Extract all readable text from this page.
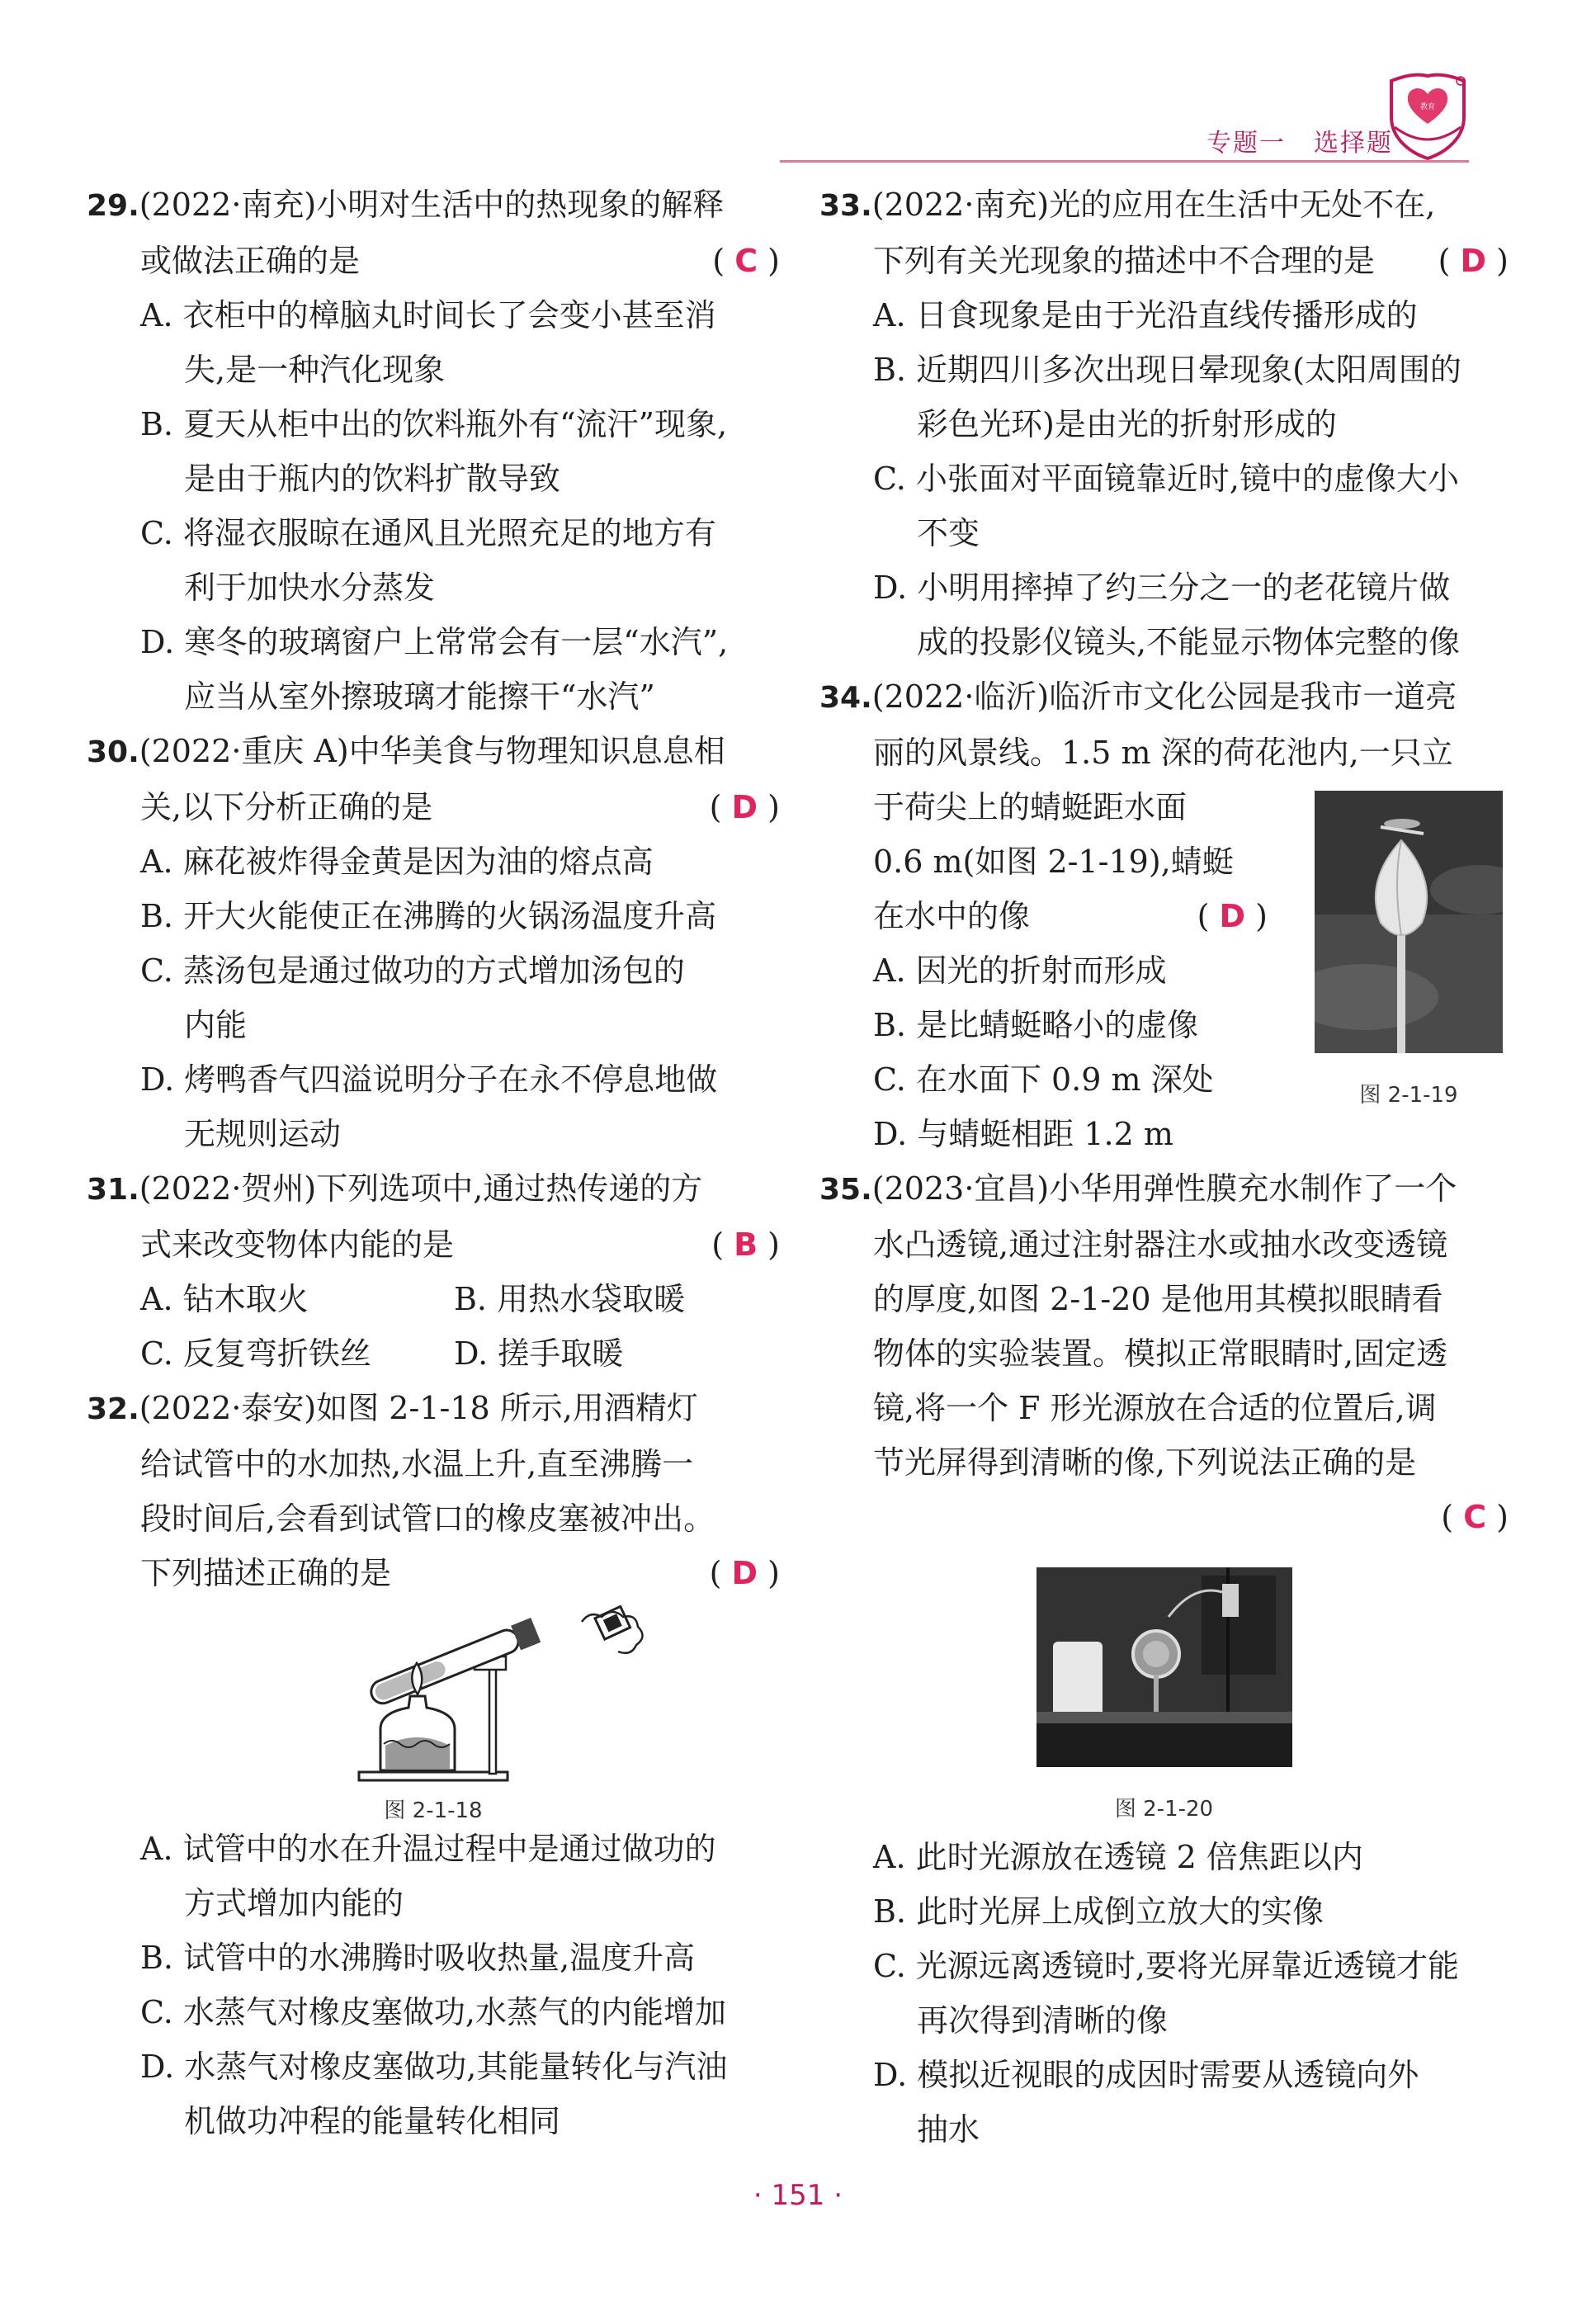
专题一 选择题
教育
29.(2022·南充)小明对生活中的热现象的解释
或做法正确的是	( C )
A. 衣柜中的樟脑丸时间长了会变小甚至消
失,是一种汽化现象
B. 夏天从柜中出的饮料瓶外有“流汗”现象,
是由于瓶内的饮料扩散导致
C. 将湿衣服晾在通风且光照充足的地方有
利于加快水分蒸发
D. 寒冬的玻璃窗户上常常会有一层“水汽”,
应当从室外擦玻璃才能擦干“水汽”
30.(2022·重庆 A)中华美食与物理知识息息相
关,以下分析正确的是	( D )
A. 麻花被炸得金黄是因为油的熔点高
B. 开大火能使正在沸腾的火锅汤温度升高
C. 蒸汤包是通过做功的方式增加汤包的
内能
D. 烤鸭香气四溢说明分子在永不停息地做
无规则运动
31.(2022·贺州)下列选项中,通过热传递的方
式来改变物体内能的是	( B )
A. 钻木取火	B. 用热水袋取暖
C. 反复弯折铁丝	D. 搓手取暖
32.(2022·泰安)如图 2-1-18 所示,用酒精灯
给试管中的水加热,水温上升,直至沸腾一
段时间后,会看到试管口的橡皮塞被冲出。
下列描述正确的是	( D )
图 2-1-18
A. 试管中的水在升温过程中是通过做功的
方式增加内能的
B. 试管中的水沸腾时吸收热量,温度升高
C. 水蒸气对橡皮塞做功,水蒸气的内能增加
D. 水蒸气对橡皮塞做功,其能量转化与汽油
机做功冲程的能量转化相同
33.(2022·南充)光的应用在生活中无处不在,
下列有关光现象的描述中不合理的是 ( D )
A. 日食现象是由于光沿直线传播形成的
B. 近期四川多次出现日晕现象(太阳周围的
彩色光环)是由光的折射形成的
C. 小张面对平面镜靠近时,镜中的虚像大小
不变
D. 小明用摔掉了约三分之一的老花镜片做
成的投影仪镜头,不能显示物体完整的像
34.(2022·临沂)临沂市文化公园是我市一道亮
丽的风景线。1.5 m 深的荷花池内,一只立
于荷尖上的蜻蜓距水面
0.6 m(如图 2-1-19),蜻蜓
在水中的像	( D )
A. 因光的折射而形成
B. 是比蜻蜓略小的虚像
C. 在水面下 0.9 m 深处
D. 与蜻蜓相距 1.2 m
35.(2023·宜昌)小华用弹性膜充水制作了一个
水凸透镜,通过注射器注水或抽水改变透镜
的厚度,如图 2-1-20 是他用其模拟眼睛看
物体的实验装置。模拟正常眼睛时,固定透
镜,将一个 F 形光源放在合适的位置后,调
节光屏得到清晰的像,下列说法正确的是
( C )
图 2-1-20
A. 此时光源放在透镜 2 倍焦距以内
B. 此时光屏上成倒立放大的实像
C. 光源远离透镜时,要将光屏靠近透镜才能
再次得到清晰的像
D. 模拟近视眼的成因时需要从透镜向外
抽水
图 2-1-19
· 151 ·
